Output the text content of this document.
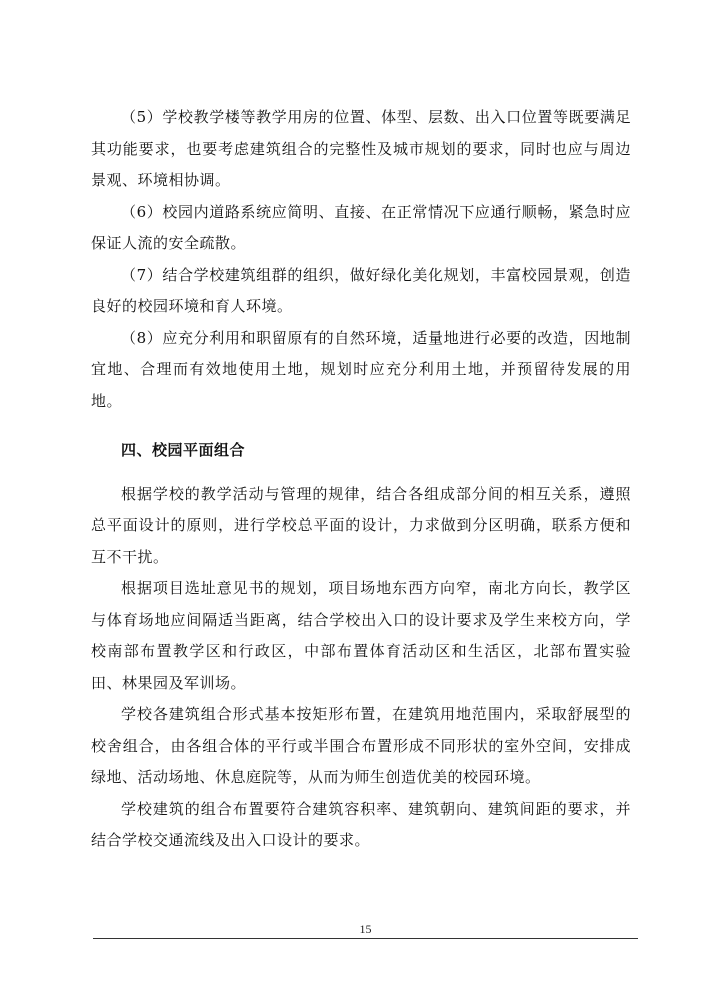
（5）学校教学楼等教学用房的位置、体型、层数、出入口位置等既要满足其功能要求，也要考虑建筑组合的完整性及城市规划的要求，同时也应与周边景观、环境相协调。

（6）校园内道路系统应简明、直接、在正常情况下应通行顺畅，紧急时应保证人流的安全疏散。

（7）结合学校建筑组群的组织，做好绿化美化规划，丰富校园景观，创造良好的校园环境和育人环境。

（8）应充分利用和职留原有的自然环境，适量地进行必要的改造，因地制宜地、合理而有效地使用土地，规划时应充分利用土地，并预留待发展的用地。

四、校园平面组合

根据学校的教学活动与管理的规律，结合各组成部分间的相互关系，遵照总平面设计的原则，进行学校总平面的设计，力求做到分区明确，联系方便和互不干扰。

根据项目选址意见书的规划，项目场地东西方向窄，南北方向长，教学区与体育场地应间隔适当距离，结合学校出入口的设计要求及学生来校方向，学校南部布置教学区和行政区，中部布置体育活动区和生活区，北部布置实验田、林果园及军训场。

学校各建筑组合形式基本按矩形布置，在建筑用地范围内，采取舒展型的校舍组合，由各组合体的平行或半围合布置形成不同形状的室外空间，安排成绿地、活动场地、休息庭院等，从而为师生创造优美的校园环境。

学校建筑的组合布置要符合建筑容积率、建筑朝向、建筑间距的要求，并结合学校交通流线及出入口设计的要求。

15
